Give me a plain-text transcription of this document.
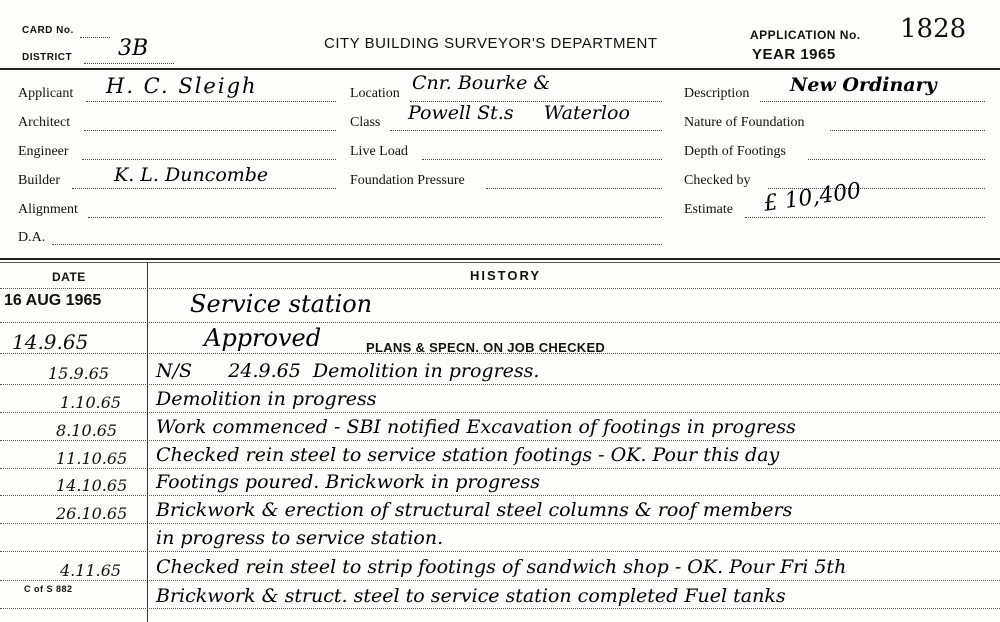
CARD No.
DISTRICT 3B	CITY BUILDING SURVEYOR'S DEPARTMENT	APPLICATION No. 1828
YEAR 1965
Applicant H. C. Sleigh
Architect
Engineer
Builder	K. L. Duncombe
Alignment
D.A.
Location Cnr. Bourke &
Class Powell St.s     Waterloo
Live Load
Foundation Pressure
Description New Ordinary
Nature of Foundation
Depth of Footings
Checked by
Estimate £ 10,400
DATE	HISTORY
16 AUG 1965	Service station
14.9.65	Approved	PLANS & SPECN. ON JOB CHECKED
15.9.65 N/S      24.9.65  Demolition in progress.
1.10.65 Demolition in progress
8.10.65 Work commenced - SBI notified Excavation of footings in progress
11.10.65 Checked rein steel to service station footings - OK. Pour this day
14.10.65 Footings poured. Brickwork in progress
26.10.65 Brickwork & erection of structural steel columns & roof members
in progress to service station.
4.11.65 Checked rein steel to strip footings of sandwich shop - OK. Pour Fri 5th
C of S 882	Brickwork & struct. steel to service station completed Fuel tanks
